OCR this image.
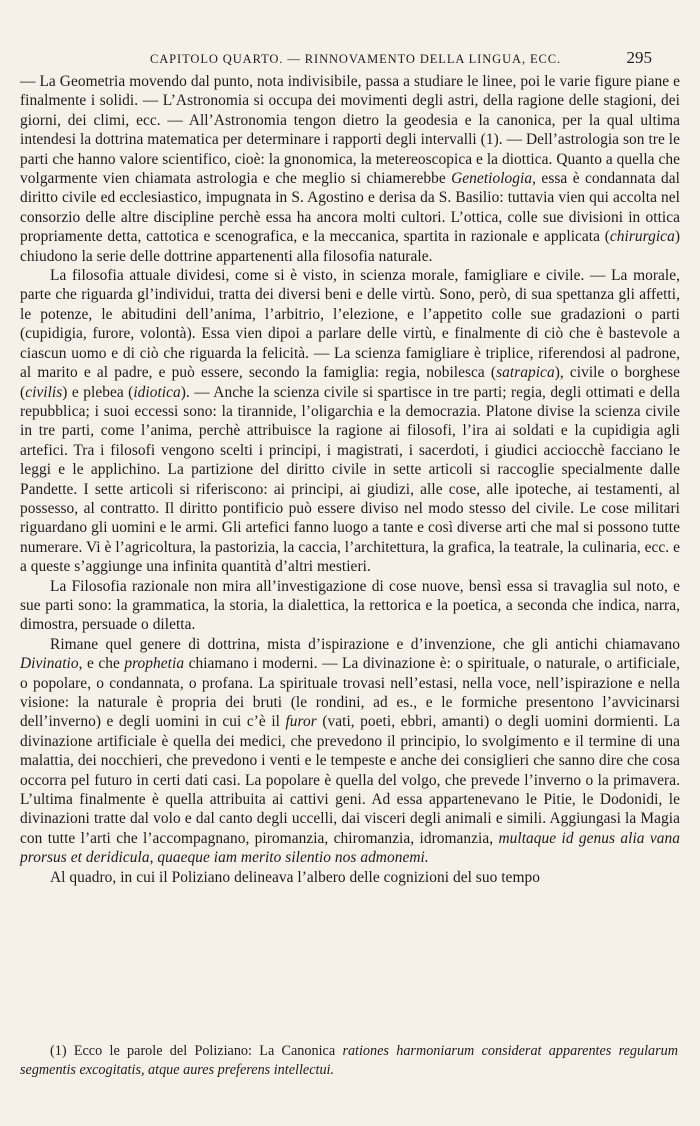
CAPITOLO QUARTO. — RINNOVAMENTO DELLA LINGUA, ECC.	295

— La Geometria movendo dal punto, nota indivisibile, passa a studiare le linee, poi le varie figure piane e finalmente i solidi. — L’Astronomia si occupa dei movimenti degli astri, della ragione delle stagioni, dei giorni, dei climi, ecc. — All’Astronomia tengon dietro la geodesia e la canonica, per la qual ultima intendesi la dottrina matematica per determinare i rapporti degli intervalli (1). — Dell’astrologia son tre le parti che hanno valore scientifico, cioè: la gnonomica, la metereoscopica e la diottica. Quanto a quella che volgarmente vien chiamata astrologia e che meglio si chiamerebbe Genetiologia, essa è condannata dal diritto civile ed ecclesiastico, impugnata in S. Agostino e derisa da S. Basilio: tuttavia vien qui accolta nel consorzio delle altre discipline perchè essa ha ancora molti cultori. L’ottica, colle sue divisioni in ottica propriamente detta, cattotica e scenografica, e la meccanica, spartita in razionale e applicata (chirurgica) chiudono la serie delle dottrine appartenenti alla filosofia naturale.

La filosofia attuale dividesi, come si è visto, in scienza morale, famigliare e civile. — La morale, parte che riguarda gl’individui, tratta dei diversi beni e delle virtù. Sono, però, di sua spettanza gli affetti, le potenze, le abitudini dell’anima, l’arbitrio, l’elezione, e l’appetito colle sue gradazioni o parti (cupidigia, furore, volontà). Essa vien dipoi a parlare delle virtù, e finalmente di ciò che è bastevole a ciascun uomo e di ciò che riguarda la felicità. — La scienza famigliare è triplice, riferendosi al padrone, al marito e al padre, e può essere, secondo la famiglia: regia, nobilesca (satrapica), civile o borghese (civilis) e plebea (idiotica). — Anche la scienza civile si spartisce in tre parti; regia, degli ottimati e della repubblica; i suoi eccessi sono: la tirannide, l’oligarchia e la democrazia. Platone divise la scienza civile in tre parti, come l’anima, perchè attribuisce la ragione ai filosofi, l’ira ai soldati e la cupidigia agli artefici. Tra i filosofi vengono scelti i principi, i magistrati, i sacerdoti, i giudici acciocchè facciano le leggi e le applichino. La partizione del diritto civile in sette articoli si raccoglie specialmente dalle Pandette. I sette articoli si riferiscono: ai principi, ai giudizi, alle cose, alle ipoteche, ai testamenti, al possesso, al contratto. Il diritto pontificio può essere diviso nel modo stesso del civile. Le cose militari riguardano gli uomini e le armi. Gli artefici fanno luogo a tante e così diverse arti che mal si possono tutte numerare. Vi è l’agricoltura, la pastorizia, la caccia, l’architettura, la grafica, la teatrale, la culinaria, ecc. e a queste s’aggiunge una infinita quantità d’altri mestieri.

La Filosofia razionale non mira all’investigazione di cose nuove, bensì essa si travaglia sul noto, e sue parti sono: la grammatica, la storia, la dialettica, la rettorica e la poetica, a seconda che indica, narra, dimostra, persuade o diletta.

Rimane quel genere di dottrina, mista d’ispirazione e d’invenzione, che gli antichi chiamavano Divinatio, e che prophetia chiamano i moderni. — La divinazione è: o spirituale, o naturale, o artificiale, o popolare, o condannata, o profana. La spirituale trovasi nell’estasi, nella voce, nell’ispirazione e nella visione: la naturale è propria dei bruti (le rondini, ad es., e le formiche presentono l’avvicinarsi dell’inverno) e degli uomini in cui c’è il furor (vati, poeti, ebbri, amanti) o degli uomini dormienti. La divinazione artificiale è quella dei medici, che prevedono il principio, lo svolgimento e il termine di una malattia, dei nocchieri, che prevedono i venti e le tempeste e anche dei consiglieri che sanno dire che cosa occorra pel futuro in certi dati casi. La popolare è quella del volgo, che prevede l’inverno o la primavera. L’ultima finalmente è quella attribuita ai cattivi geni. Ad essa appartenevano le Pitie, le Dodonidi, le divinazioni tratte dal volo e dal canto degli uccelli, dai visceri degli animali e simili. Aggiungasi la Magia con tutte l’arti che l’accompagnano, piromanzia, chiromanzia, idromanzia, multaque id genus alia vana prorsus et deridicula, quaeque iam merito silentio nos admonemi.

Al quadro, in cui il Poliziano delineava l’albero delle cognizioni del suo tempo

(1) Ecco le parole del Poliziano: La Canonica rationes harmoniarum considerat apparentes regularum segmentis excogitatis, atque aures preferens intellectui.
